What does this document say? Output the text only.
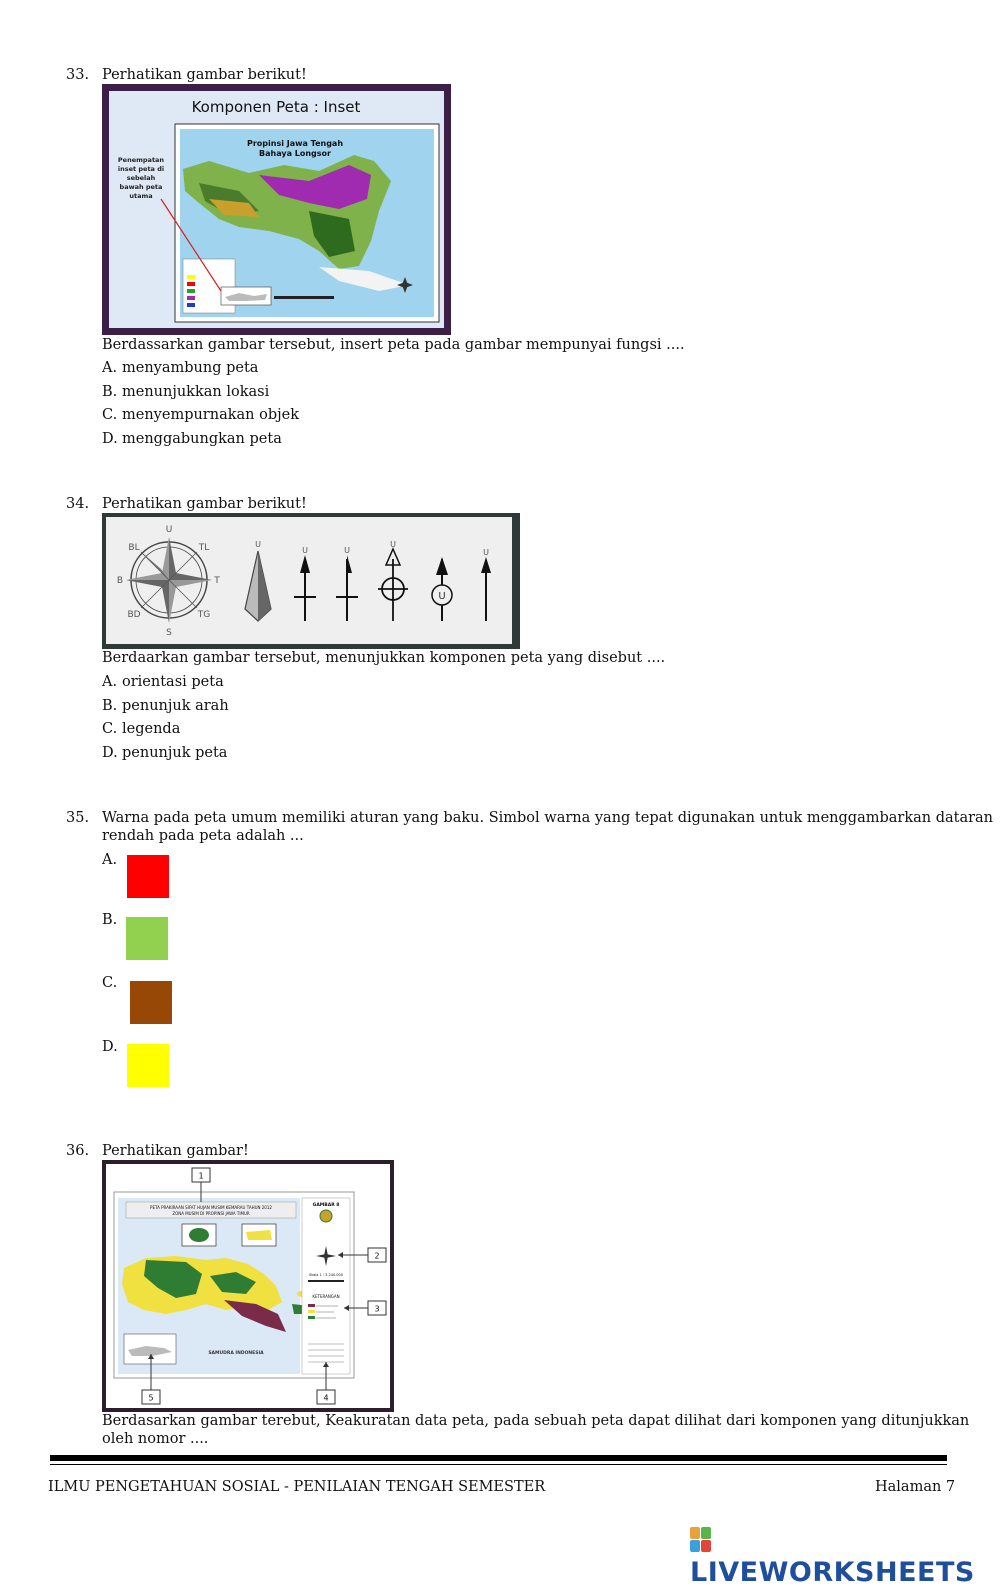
33. Perhatikan gambar berikut!
Komponen Peta : Inset
Propinsi Jawa Tengah
Bahaya Longsor
Penempatan
inset peta di
sebelah
bawah peta
utama
Berdassarkan gambar tersebut, insert peta pada gambar mempunyai fungsi ....
A. menyambung peta
B. menunjukkan lokasi
C. menyempurnakan objek
D. menggabungkan peta
34. Perhatikan gambar berikut!
U
S
B	T
BL	TL
BD	TG
U
U	U
U
U
U
Berdaarkan gambar tersebut, menunjukkan komponen peta yang disebut ....
A. orientasi peta
B. penunjuk arah
C. legenda
D. penunjuk peta
35. Warna pada peta umum memiliki aturan yang baku. Simbol warna yang tepat digunakan untuk menggambarkan dataran
rendah pada peta adalah ...
A.
B.
C.
D.
36. Perhatikan gambar!
PETA PRAKIRAAN SIFAT HUJAN MUSIM KEMARAU TAHUN 2012
ZONA MUSIM DI PROPINSI JAWA TIMUR
SAMUDRA INDONESIA
GAMBAR 8
Skala 1 : 3.240.000
KETERANGAN
1
2
3
4
5
Berdasarkan gambar terebut, Keakuratan data peta, pada sebuah peta dapat dilihat dari komponen yang ditunjukkan
oleh nomor ....
ILMU PENGETAHUAN SOSIAL - PENILAIAN TENGAH SEMESTER	Halaman 7
LIVEWORKSHEETS
